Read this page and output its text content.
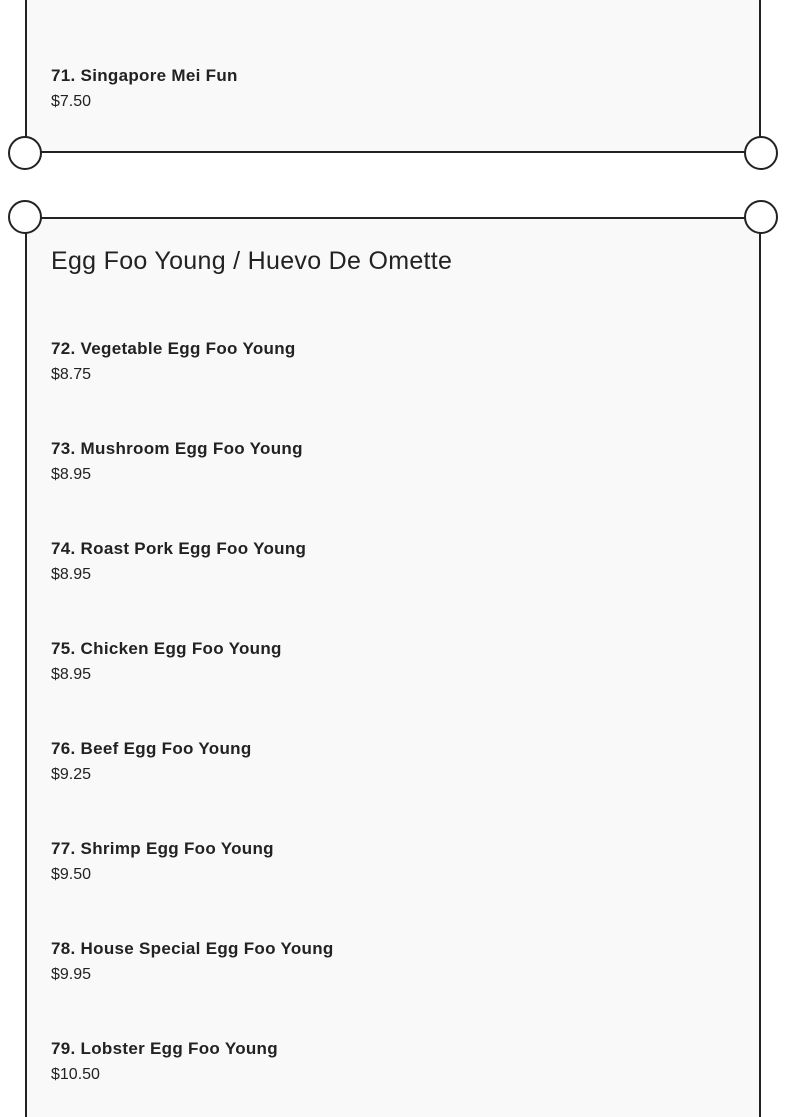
71. Singapore Mei Fun
$7.50
Egg Foo Young / Huevo De Omette
72. Vegetable Egg Foo Young
$8.75
73. Mushroom Egg Foo Young
$8.95
74. Roast Pork Egg Foo Young
$8.95
75. Chicken Egg Foo Young
$8.95
76. Beef Egg Foo Young
$9.25
77. Shrimp Egg Foo Young
$9.50
78. House Special Egg Foo Young
$9.95
79. Lobster Egg Foo Young
$10.50
